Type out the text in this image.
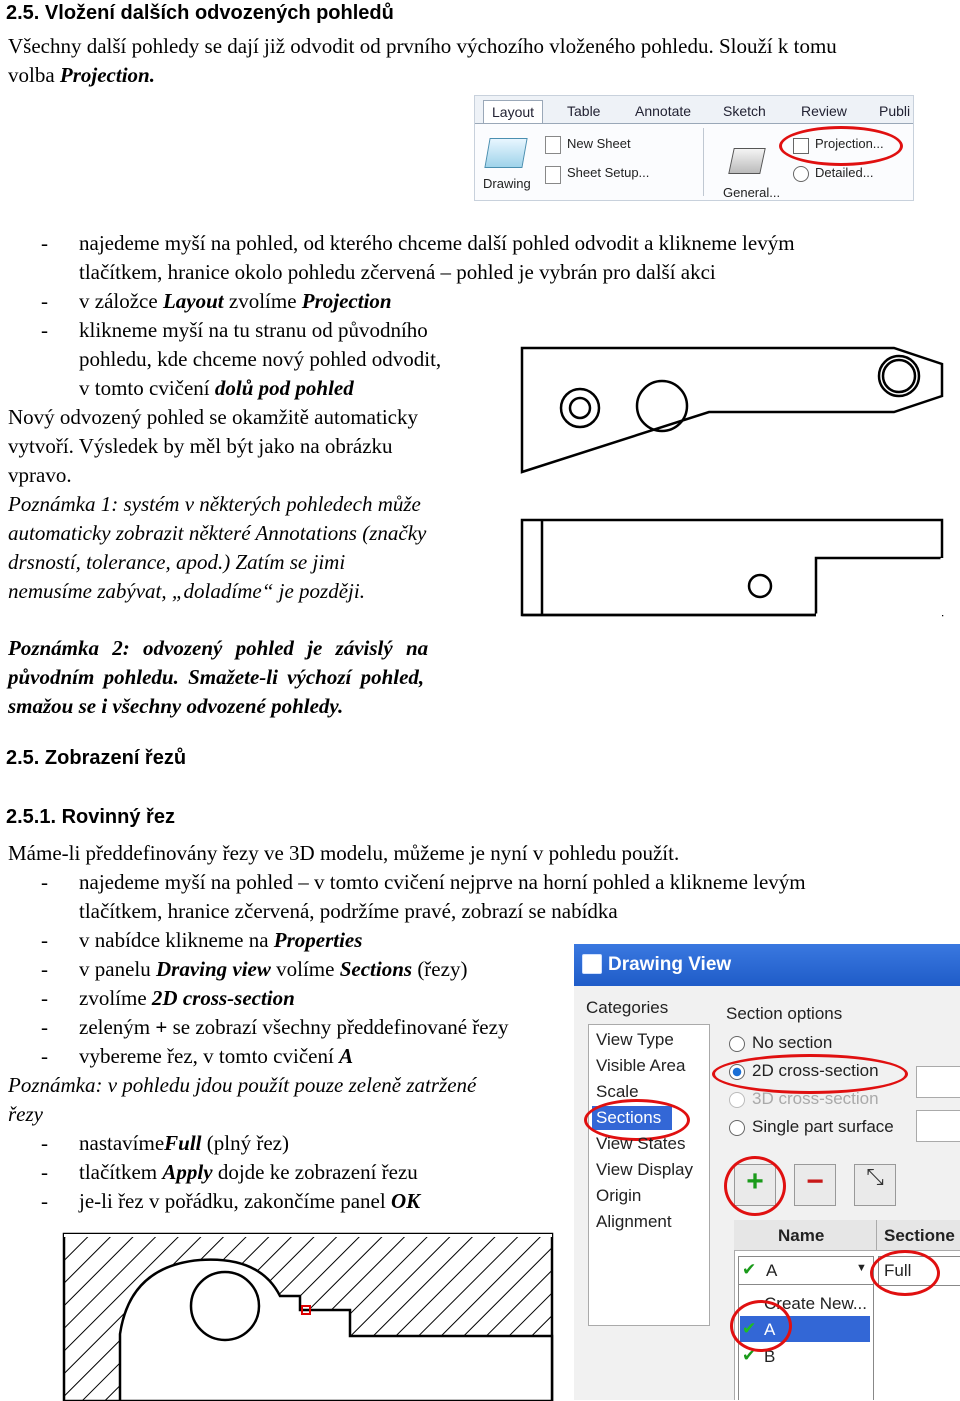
2.5. Vložení dalších odvozených pohledů
Všechny další pohledy se dají již odvodit od prvního výchozího vloženého pohledu. Slouží k tomu
volba Projection.
Layout	Table	Annotate	Sketch	Review	Publi
Drawing
New Sheet
Sheet Setup...
General...
Projection...
Detailed...
- najedeme myší na pohled, od kterého chceme další pohled odvodit a klikneme levým
tlačítkem, hranice okolo pohledu zčervená – pohled je vybrán pro další akci
- v záložce Layout zvolíme Projection
- klikneme myší na tu stranu od původního
pohledu, kde chceme nový pohled odvodit,
v tomto cvičení dolů pod pohled
Nový odvozený pohled se okamžitě automaticky
vytvoří. Výsledek by měl být jako na obrázku
vpravo.
Poznámka 1: systém v některých pohledech může
automaticky zobrazit některé Annotations (značky
drsností, tolerance, apod.) Zatím se jimi
nemusíme zabývat, „doladíme“ je později.
Poznámka 2: odvozený pohled je závislý na
původním pohledu. Smažete-li výchozí pohled,
smažou se i všechny odvozené pohledy.
2.5. Zobrazení řezů
2.5.1. Rovinný řez
Máme-li předdefinovány řezy ve 3D modelu, můžeme je nyní v pohledu použít.
- najedeme myší na pohled – v tomto cvičení nejprve na horní pohled a klikneme levým
tlačítkem, hranice zčervená, podržíme pravé, zobrazí se nabídka
- v nabídce klikneme na Properties
- v panelu Draving view volíme Sections (řezy)
- zvolíme 2D cross-section
- zeleným + se zobrazí všechny předdefinované řezy
- vybereme řez, v tomto cvičení A
Poznámka: v pohledu jdou použít pouze zeleně zatržené
řezy
- nastavímeFull (plný řez)
- tlačítkem Apply dojde ke zobrazení řezu
- je-li řez v pořádku, zakončíme panel OK
Drawing View
Categories
View Type
Visible Area
Scale
Sections
View States
View Display
Origin
Alignment
Section options
No section
2D cross-section
3D cross-section
Single part surface
+	−	⤡
Name	Sectione
✔ A	▼ Full
Create New...
✔ A
✔ B
